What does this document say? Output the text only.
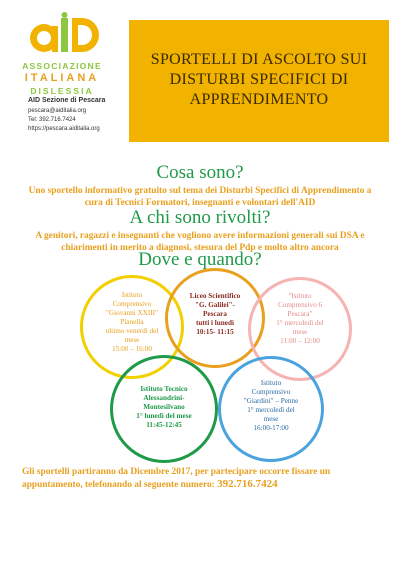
ASSOCIAZIONE
ITALIANA
DISLESSIA
AID Sezione di Pescara
pescara@aiditalia.org
Tel: 392.716.7424
https://pescara.aiditalia.org
SPORTELLI DI ASCOLTO SUI DISTURBI SPECIFICI DI APPRENDIMENTO
Cosa sono?
Uno sportello informativo gratuito sul tema dei Disturbi Specifici di Apprendimento a cura di Tecnici Formatori, insegnanti e volontari dell'AID
A chi sono rivolti?
A genitori, ragazzi e insegnanti che vogliono avere informazioni generali sui DSA e chiarimenti in merito a diagnosi, stesura del Pdp e molto altro ancora
Dove e quando?
Istituto
Comprensivo
"Giovanni XXIII"
Pianella
ultimo venerdì del
mese
15:00 – 16:00
Liceo Scientifico
"G. Galilei"-
Pescara
tutti i lunedì
10:15- 11:15
"Istituto
Comprensivo 6
Pescara"
1° mercoledì del
mese
11:00 – 12:00
Istituto Tecnico
Alessandrini-
Montesilvano
1° lunedì del mese
11:45-12:45
Istituto
Comprensivo
"Giardini" – Penne
1° mercoledì del
mese
16:00-17:00
Gli sportelli partiranno da Dicembre 2017, per partecipare occorre fissare un appuntamento, telefonando al seguente numero: 392.716.7424
